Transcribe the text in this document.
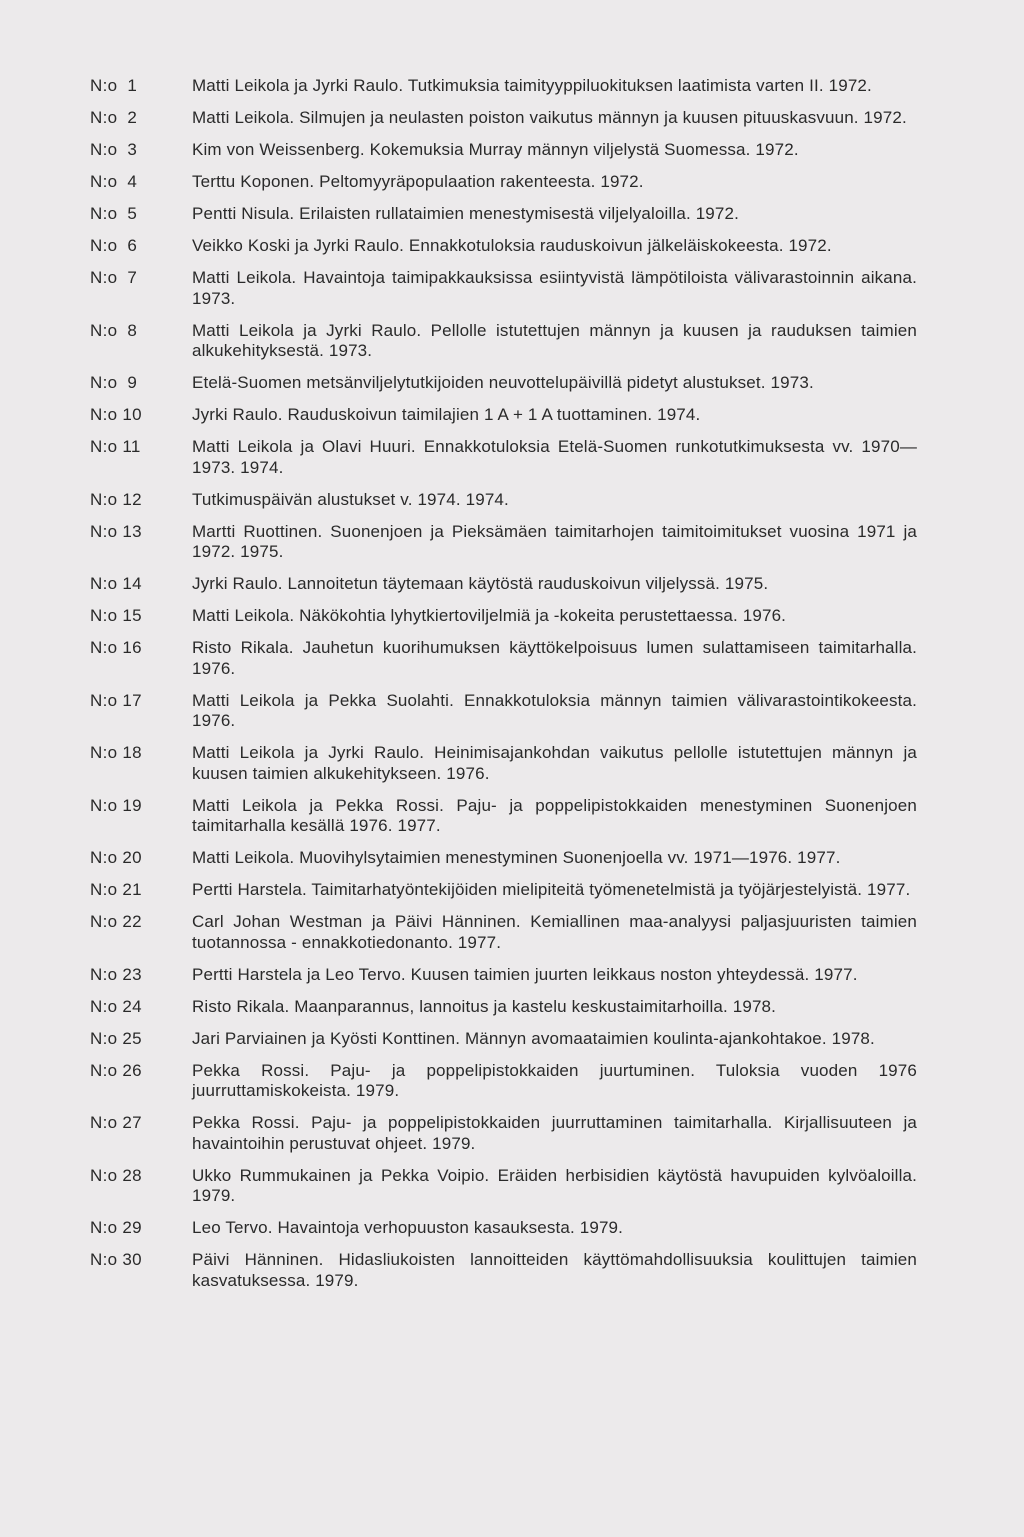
N:o  1	Matti Leikola ja Jyrki Raulo. Tutkimuksia taimityyppiluokituksen laatimista varten II. 1972.
N:o  2	Matti Leikola. Silmujen ja neulasten poiston vaikutus männyn ja kuusen pituuskasvuun. 1972.
N:o  3	Kim von Weissenberg. Kokemuksia Murray männyn viljelystä Suomessa. 1972.
N:o  4	Terttu Koponen. Peltomyyräpopulaation rakenteesta. 1972.
N:o  5	Pentti Nisula. Erilaisten rullataimien menestymisestä viljelyaloilla. 1972.
N:o  6	Veikko Koski ja Jyrki Raulo. Ennakkotuloksia rauduskoivun jälkeläiskokeesta. 1972.
N:o  7	Matti Leikola. Havaintoja taimipakkauksissa esiintyvistä lämpötiloista välivarastoinnin aikana. 1973.
N:o  8	Matti Leikola ja Jyrki Raulo. Pellolle istutettujen männyn ja kuusen ja rauduksen taimien alkukehityksestä. 1973.
N:o  9	Etelä-Suomen metsänviljelytutkijoiden neuvottelupäivillä pidetyt alustukset. 1973.
N:o 10	Jyrki Raulo. Rauduskoivun taimilajien 1 A + 1 A tuottaminen. 1974.
N:o 11	Matti Leikola ja Olavi Huuri. Ennakkotuloksia Etelä-Suomen runkotutkimuksesta vv. 1970—1973. 1974.
N:o 12	Tutkimuspäivän alustukset v. 1974. 1974.
N:o 13	Martti Ruottinen. Suonenjoen ja Pieksämäen taimitarhojen taimitoimitukset vuosina 1971 ja 1972. 1975.
N:o 14	Jyrki Raulo. Lannoitetun täytemaan käytöstä rauduskoivun viljelyssä. 1975.
N:o 15	Matti Leikola. Näkökohtia lyhytkiertoviljelmiä ja -kokeita perustettaessa. 1976.
N:o 16	Risto Rikala. Jauhetun kuorihumuksen käyttökelpoisuus lumen sulattamiseen taimitarhalla. 1976.
N:o 17	Matti Leikola ja Pekka Suolahti. Ennakkotuloksia männyn taimien välivarastointikokeesta. 1976.
N:o 18	Matti Leikola ja Jyrki Raulo. Heinimisajankohdan vaikutus pellolle istutettujen männyn ja kuusen taimien alkukehitykseen. 1976.
N:o 19	Matti Leikola ja Pekka Rossi. Paju- ja poppelipistokkaiden menestyminen Suonenjoen taimitarhalla kesällä 1976. 1977.
N:o 20	Matti Leikola. Muovihylsytaimien menestyminen Suonenjoella vv. 1971—1976. 1977.
N:o 21	Pertti Harstela. Taimitarhatyöntekijöiden mielipiteitä työmenetelmistä ja työjärjestelyistä. 1977.
N:o 22	Carl Johan Westman ja Päivi Hänninen. Kemiallinen maa-analyysi paljasjuuristen taimien tuotannossa - ennakkotiedonanto. 1977.
N:o 23	Pertti Harstela ja Leo Tervo. Kuusen taimien juurten leikkaus noston yhteydessä. 1977.
N:o 24	Risto Rikala. Maanparannus, lannoitus ja kastelu keskustaimitarhoilla. 1978.
N:o 25	Jari Parviainen ja Kyösti Konttinen. Männyn avomaataimien koulinta-ajankohtakoe. 1978.
N:o 26	Pekka Rossi. Paju- ja poppelipistokkaiden juurtuminen. Tuloksia vuoden 1976 juurruttamiskokeista. 1979.
N:o 27	Pekka Rossi. Paju- ja poppelipistokkaiden juurruttaminen taimitarhalla. Kirjallisuuteen ja havaintoihin perustuvat ohjeet. 1979.
N:o 28	Ukko Rummukainen ja Pekka Voipio. Eräiden herbisidien käytöstä havupuiden kylvöaloilla. 1979.
N:o 29	Leo Tervo. Havaintoja verhopuuston kasauksesta. 1979.
N:o 30	Päivi Hänninen. Hidasliukoisten lannoitteiden käyttömahdollisuuksia koulittujen taimien kasvatuksessa. 1979.
